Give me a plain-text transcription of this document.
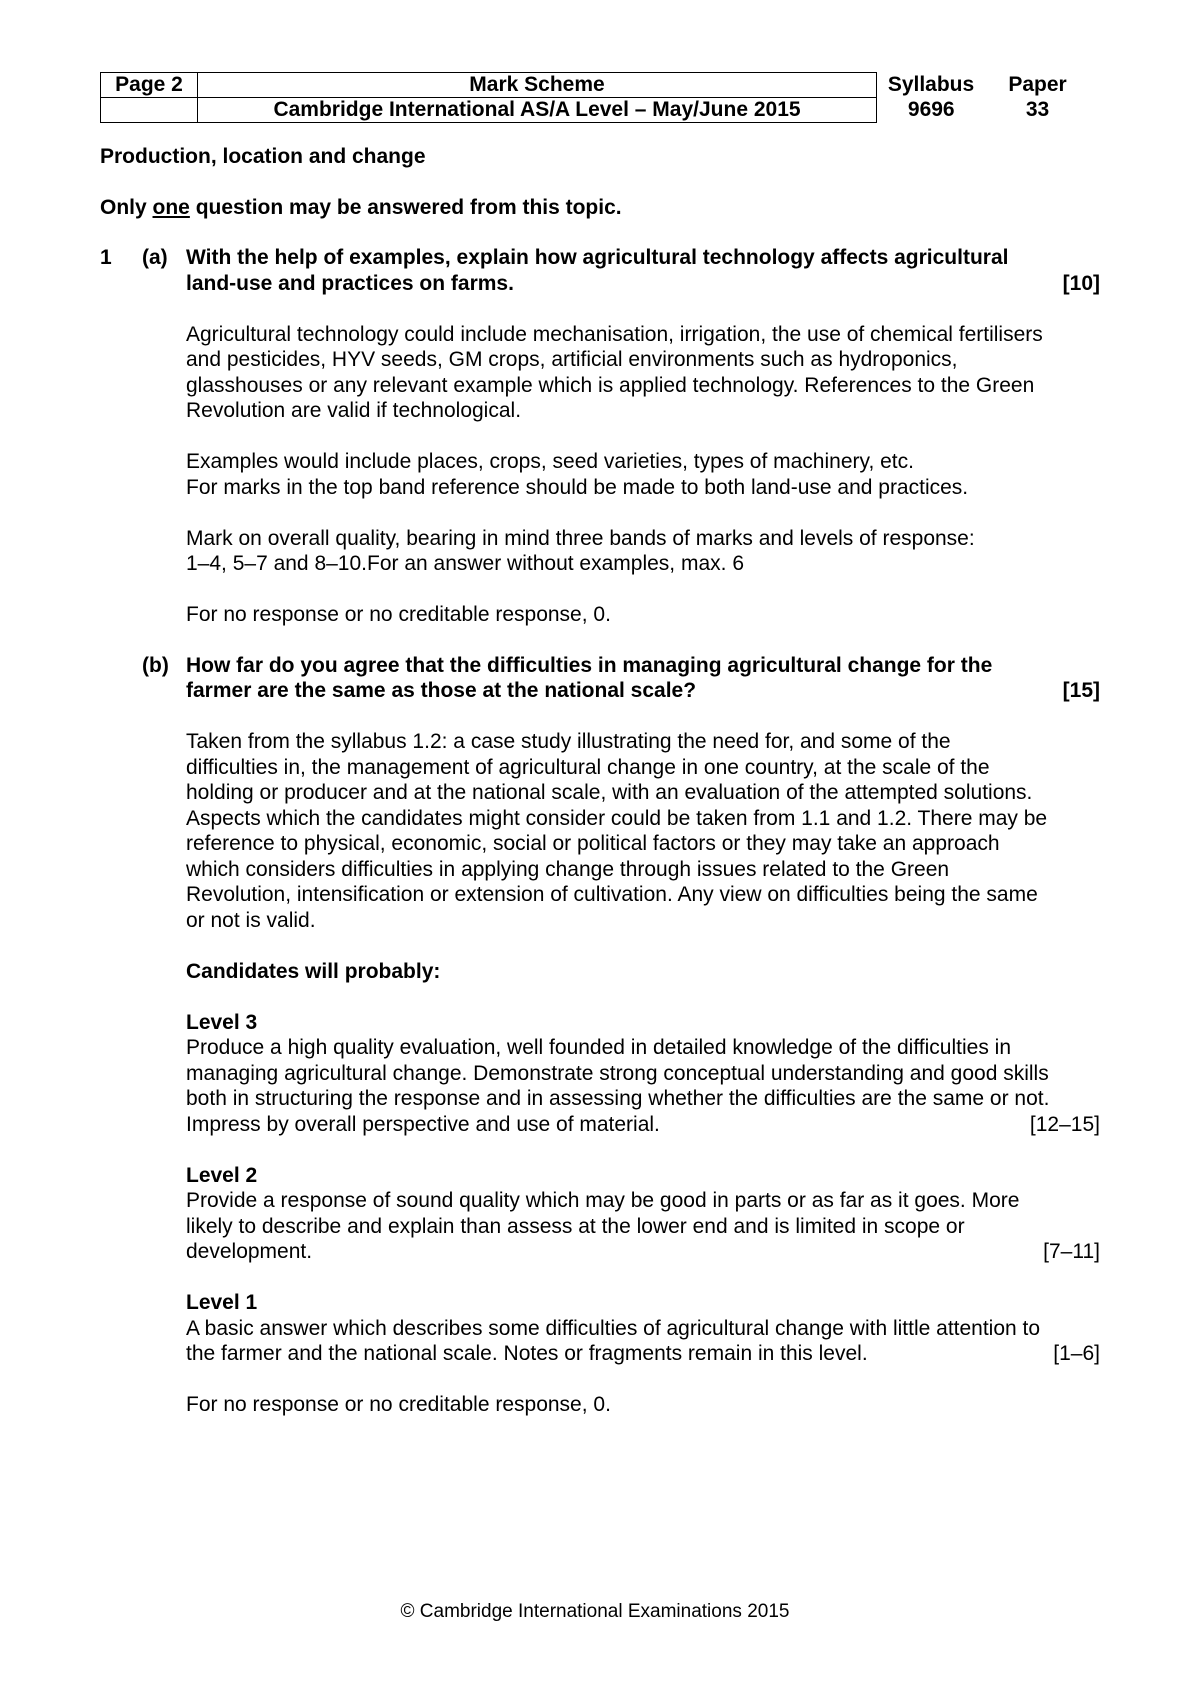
Page 2	Mark Scheme	Syllabus	Paper
	Cambridge International AS/A Level – May/June 2015	9696	33

Production, location and change

Only one question may be answered from this topic.

1 (a) With the help of examples, explain how agricultural technology affects agricultural
land-use and practices on farms.	[10]
Agricultural technology could include mechanisation, irrigation, the use of chemical fertilisers
and pesticides, HYV seeds, GM crops, artificial environments such as hydroponics,
glasshouses or any relevant example which is applied technology. References to the Green
Revolution are valid if technological.
Examples would include places, crops, seed varieties, types of machinery, etc.
For marks in the top band reference should be made to both land-use and practices.
Mark on overall quality, bearing in mind three bands of marks and levels of response:
1–4, 5–7 and 8–10.For an answer without examples, max. 6
For no response or no creditable response, 0.
(b) How far do you agree that the difficulties in managing agricultural change for the
farmer are the same as those at the national scale?	[15]
Taken from the syllabus 1.2: a case study illustrating the need for, and some of the
difficulties in, the management of agricultural change in one country, at the scale of the
holding or producer and at the national scale, with an evaluation of the attempted solutions.
Aspects which the candidates might consider could be taken from 1.1 and 1.2. There may be
reference to physical, economic, social or political factors or they may take an approach
which considers difficulties in applying change through issues related to the Green
Revolution, intensification or extension of cultivation. Any view on difficulties being the same
or not is valid.
Candidates will probably:
Level 3
Produce a high quality evaluation, well founded in detailed knowledge of the difficulties in
managing agricultural change. Demonstrate strong conceptual understanding and good skills
both in structuring the response and in assessing whether the difficulties are the same or not.
Impress by overall perspective and use of material.	[12–15]
Level 2
Provide a response of sound quality which may be good in parts or as far as it goes. More
likely to describe and explain than assess at the lower end and is limited in scope or
development.	[7–11]
Level 1
A basic answer which describes some difficulties of agricultural change with little attention to
the farmer and the national scale. Notes or fragments remain in this level.	[1–6]
For no response or no creditable response, 0.
© Cambridge International Examinations 2015
